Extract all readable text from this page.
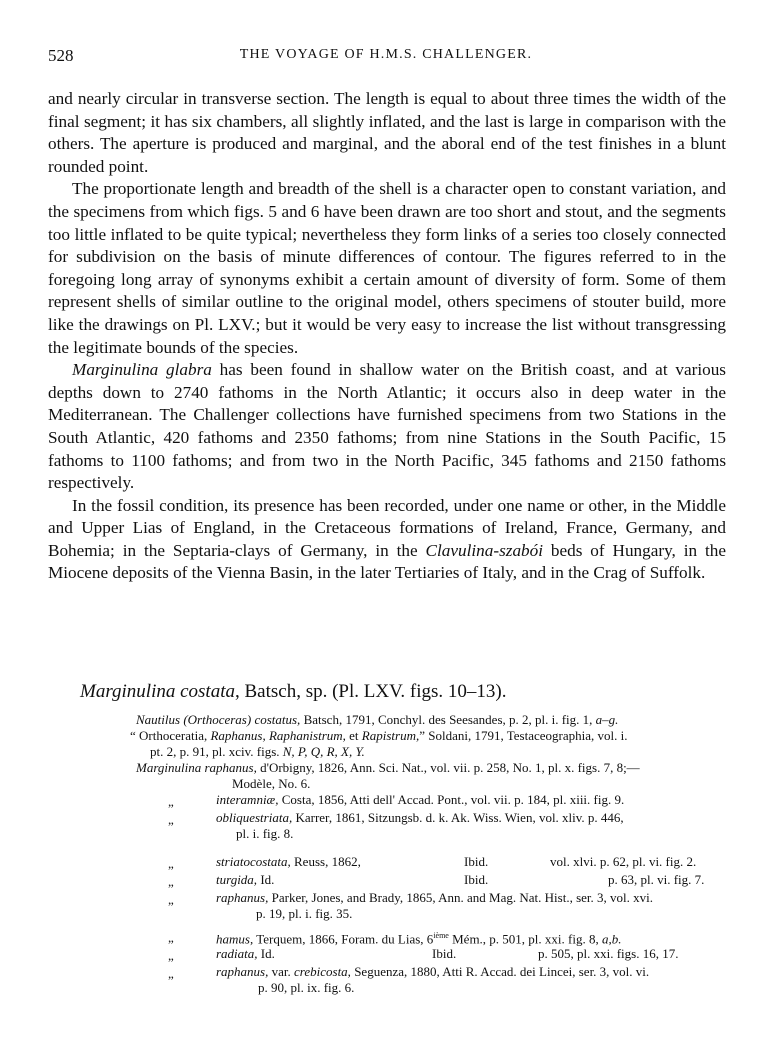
528	THE VOYAGE OF H.M.S. CHALLENGER.

and nearly circular in transverse section. The length is equal to about three times the width of the final segment; it has six chambers, all slightly inflated, and the last is large in comparison with the others. The aperture is produced and marginal, and the aboral end of the test finishes in a blunt rounded point.

The proportionate length and breadth of the shell is a character open to constant variation, and the specimens from which figs. 5 and 6 have been drawn are too short and stout, and the segments too little inflated to be quite typical; nevertheless they form links of a series too closely connected for subdivision on the basis of minute differences of contour. The figures referred to in the foregoing long array of synonyms exhibit a certain amount of diversity of form. Some of them represent shells of similar outline to the original model, others specimens of stouter build, more like the drawings on Pl. LXV.; but it would be very easy to increase the list without transgressing the legitimate bounds of the species.

Marginulina glabra has been found in shallow water on the British coast, and at various depths down to 2740 fathoms in the North Atlantic; it occurs also in deep water in the Mediterranean. The Challenger collections have furnished specimens from two Stations in the South Atlantic, 420 fathoms and 2350 fathoms; from nine Stations in the South Pacific, 15 fathoms to 1100 fathoms; and from two in the North Pacific, 345 fathoms and 2150 fathoms respectively.

In the fossil condition, its presence has been recorded, under one name or other, in the Middle and Upper Lias of England, in the Cretaceous formations of Ireland, France, Germany, and Bohemia; in the Septaria-clays of Germany, in the Clavulina-szabói beds of Hungary, in the Miocene deposits of the Vienna Basin, in the later Tertiaries of Italy, and in the Crag of Suffolk.

Marginulina costata, Batsch, sp. (Pl. LXV. figs. 10–13).
Nautilus (Orthoceras) costatus, Batsch, 1791, Conchyl. des Seesandes, p. 2, pl. i. fig. 1, a–g.
“ Orthoceratia, Raphanus, Raphanistrum, et Rapistrum,” Soldani, 1791, Testaceographia, vol. i.
pt. 2, p. 91, pl. xciv. figs. N, P, Q, R, X, Y.
Marginulina raphanus, d'Orbigny, 1826, Ann. Sci. Nat., vol. vii. p. 258, No. 1, pl. x. figs. 7, 8;—
Modèle, No. 6.
„	interamniæ, Costa, 1856, Atti dell' Accad. Pont., vol. vii. p. 184, pl. xiii. fig. 9.
„	obliquestriata, Karrer, 1861, Sitzungsb. d. k. Ak. Wiss. Wien, vol. xliv. p. 446,
pl. i. fig. 8.
„	striatocostata, Reuss, 1862,	Ibid.	vol. xlvi. p. 62, pl. vi. fig. 2.
„	turgida, Id.	Ibid.	p. 63, pl. vi. fig. 7.
„	raphanus, Parker, Jones, and Brady, 1865, Ann. and Mag. Nat. Hist., ser. 3, vol. xvi.
p. 19, pl. i. fig. 35.
„	hamus, Terquem, 1866, Foram. du Lias, 6ième Mém., p. 501, pl. xxi. fig. 8, a,b.
„	radiata, Id.	Ibid.	p. 505, pl. xxi. figs. 16, 17.
„	raphanus, var. crebicosta, Seguenza, 1880, Atti R. Accad. dei Lincei, ser. 3, vol. vi.
p. 90, pl. ix. fig. 6.
